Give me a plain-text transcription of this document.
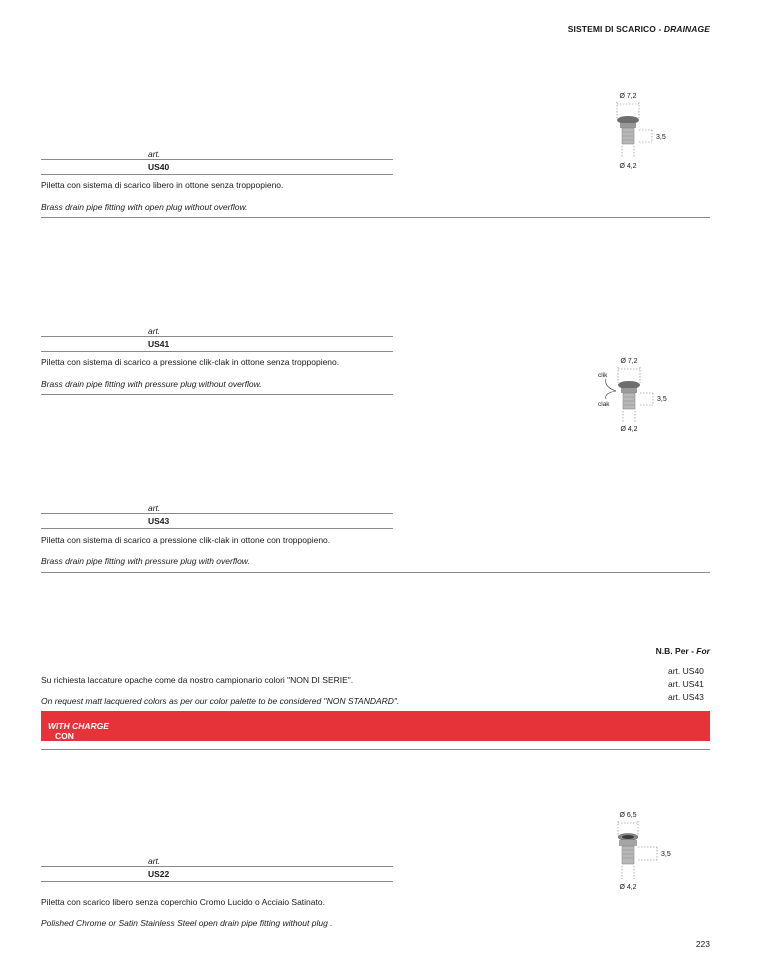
SISTEMI DI SCARICO - DRAINAGE
art.
US40
Piletta con sistema di scarico libero in ottone senza troppopieno.
Brass drain pipe fitting with open plug without overflow.
Ø 7,2
3,5
Ø 4,2
art.
US41
Piletta con sistema di scarico a pressione clik-clak in ottone senza troppopieno.
Brass drain pipe fitting with pressure plug without overflow.
Ø 7,2
clik
clak
3,5
Ø 4,2
art.
US43
Piletta con sistema di scarico a pressione clik-clak in ottone con troppopieno.
Brass drain pipe fitting with pressure plug with overflow.
N.B. Per - For
Su richiesta laccature opache come da nostro campionario colori "NON DI SERIE".
On request matt lacquered colors as per our color palette to be considered "NON STANDARD".
art. US40
art. US41
art. US43
CON ADDEBITO -
WITH CHARGE
art.
US22
Piletta con scarico libero senza coperchio Cromo Lucido o Acciaio Satinato.
Polished Chrome or Satin Stainless Steel open drain pipe fitting without plug .
Ø 6,5
3,5
Ø 4,2
223
